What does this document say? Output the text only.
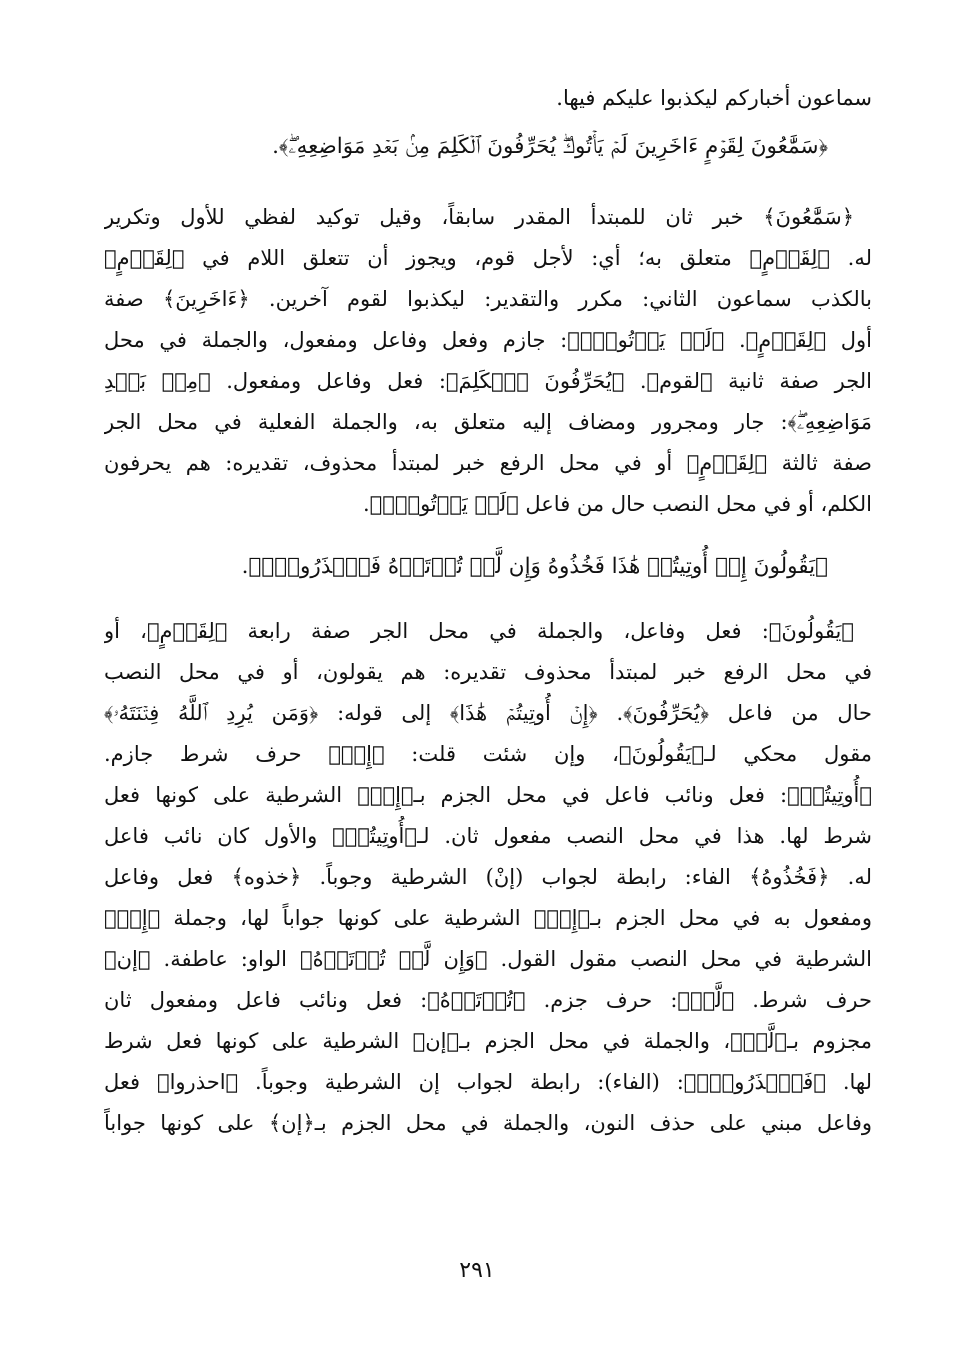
سماعون أخباركم ليكذبوا عليكم فيها.
﴿سَمَّٰعُونَ لِقَوۡمٍ ءَاخَرِينَ لَمۡ يَأۡتُوكَۖ يُحَرِّفُونَ ٱلۡكَلِمَ مِنۢ بَعۡدِ مَوَاضِعِهِۦۖ﴾.
﴿سَمَّٰعُونَ﴾ خبر ثان للمبتدأ المقدر سابقاً، وقيل توكيد لفظي للأول وتكرير
له. ﴿لِقَوۡمٍ﴾ متعلق به؛ أي: لأجل قوم، ويجوز أن تتعلق اللام في ﴿لِقَوۡمٍ﴾
بالكذب سماعون الثاني: مكرر والتقدير: ليكذبوا لقوم آخرين. ﴿ءَاخَرِينَ﴾ صفة
أول ﴿لِقَوۡمٍ﴾. ﴿لَمۡ يَأۡتُوكَۖ﴾: جازم وفعل وفاعل ومفعول، والجملة في محل
الجر صفة ثانية ﴿لقوم﴾. ﴿يُحَرِّفُونَ ٱلۡكَلِمَ﴾: فعل وفاعل ومفعول. ﴿مِنۢ بَعۡدِ
مَوَاضِعِهِۦۖ﴾: جار ومجرور ومضاف إليه متعلق به، والجملة الفعلية في محل الجر
صفة ثالثة ﴿لِقَوۡمٍ﴾ أو في محل الرفع خبر لمبتدأ محذوف، تقديره: هم يحرفون
الكلم، أو في محل النصب حال من فاعل ﴿لَمۡ يَأۡتُوكَۖ﴾.
﴿يَقُولُونَ إِنۡ أُوتِيتُمۡ هَٰذَا فَخُذُوهُ وَإِن لَّمۡ تُؤۡتَوۡهُ فَٱحۡذَرُواْۚ﴾.
﴿يَقُولُونَ﴾: فعل وفاعل، والجملة في محل الجر صفة رابعة ﴿لِقَوۡمٍ﴾، أو
في محل الرفع خبر لمبتدأ محذوف تقديره: هم يقولون، أو في محل النصب
حال من فاعل ﴿يُحَرِّفُونَ﴾. ﴿إِنۡ أُوتِيتُمۡ هَٰذَا﴾ إلى قوله: ﴿وَمَن يُرِدِ ٱللَّهُ فِتۡنَتَهُۥ﴾
مقول محكي لـ﴿يَقُولُونَ﴾، وإن شئت قلت: ﴿إِنۡ﴾ حرف شرط جازم.
﴿أُوتِيتُمۡ﴾: فعل ونائب فاعل في محل الجزم بـ﴿إِنۡ﴾ الشرطية على كونها فعل
شرط لها. هذا في محل النصب مفعول ثان. لـ﴿أُوتِيتُمۡ﴾ والأول كان نائب فاعل
له. ﴿فَخُذُوهُ﴾ الفاء: رابطة لجواب (إنْ) الشرطية وجوباً. ﴿خذوه﴾ فعل وفاعل
ومفعول به في محل الجزم بـ﴿إِنۡ﴾ الشرطية على كونها جواباً لها، وجملة ﴿إِنۡ﴾
الشرطية في محل النصب مقول القول. ﴿وَإِن لَّمۡ تُؤۡتَوۡهُ﴾ الواو: عاطفة. ﴿إن﴾
حرف شرط. ﴿لَّمۡ﴾: حرف جزم. ﴿تُؤۡتَوۡهُ﴾: فعل ونائب فاعل ومفعول ثان
مجزوم بـ﴿لَّمۡ﴾، والجملة في محل الجزم بـ﴿إن﴾ الشرطية على كونها فعل شرط
لها. ﴿فَٱحۡذَرُواْۚ﴾: (الفاء): رابطة لجواب إن الشرطية وجوباً. ﴿احذروا﴾ فعل
وفاعل مبني على حذف النون، والجملة في محل الجزم بـ﴿إن﴾ على كونها جواباً
٢٩١
